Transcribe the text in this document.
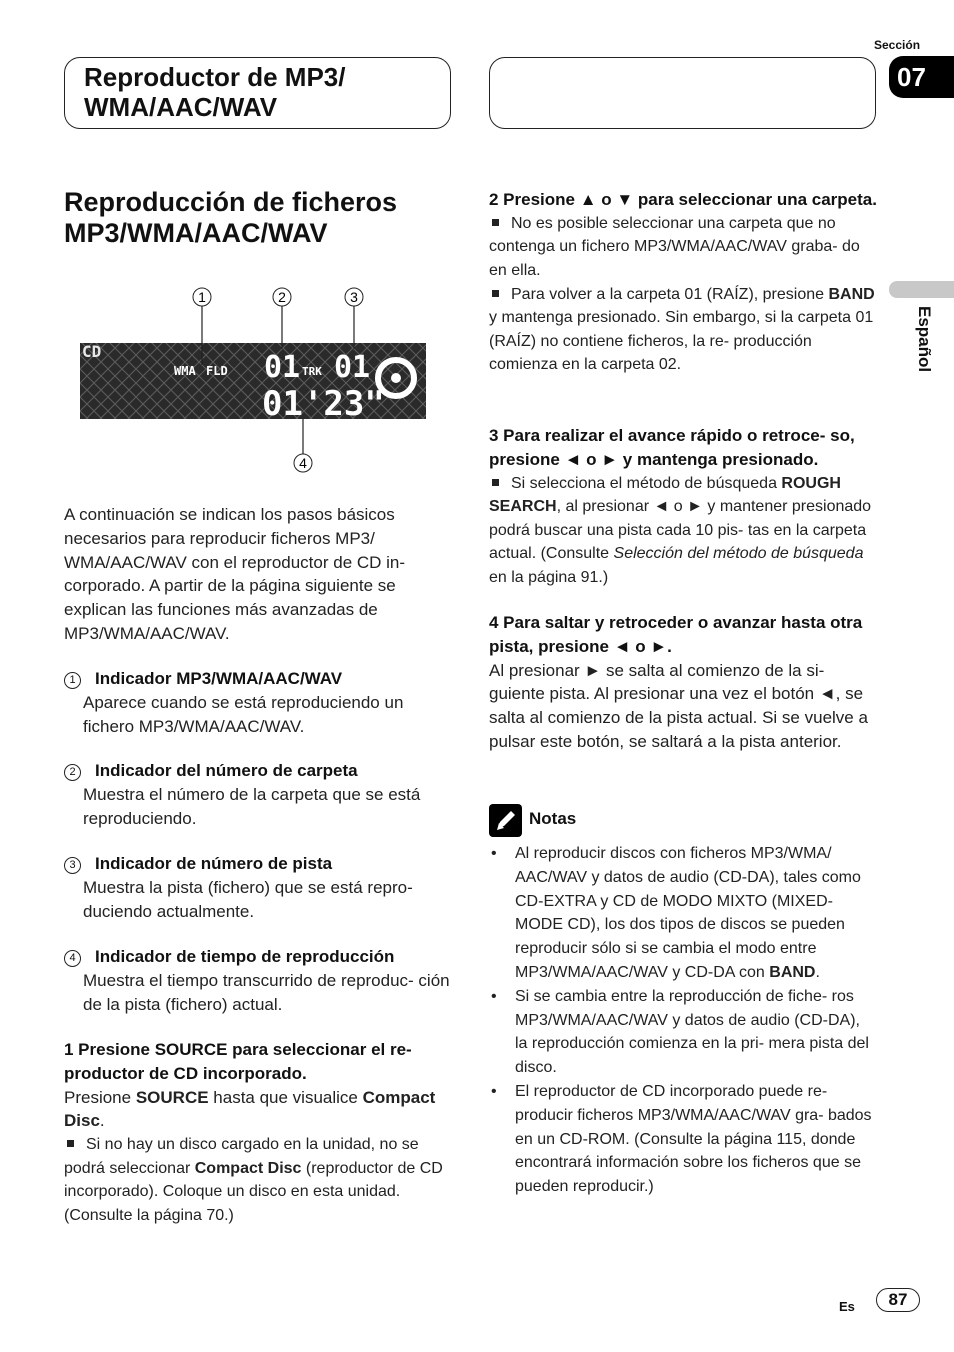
Reproductor de MP3/ WMA/AAC/WAV
Sección
07
Español
Reproducción de ficheros MP3/WMA/AAC/WAV
1	2	3
4
CD
WMA FLD 01 TRK 01
01'23"

A continuación se indican los pasos básicos necesarios para reproducir ficheros MP3/ WMA/AAC/WAV con el reproductor de CD in- corporado. A partir de la página siguiente se explican las funciones más avanzadas de MP3/WMA/AAC/WAV.

1 Indicador MP3/WMA/AAC/WAV

Aparece cuando se está reproduciendo un fichero MP3/WMA/AAC/WAV.

2 Indicador del número de carpeta

Muestra el número de la carpeta que se está reproduciendo.

3 Indicador de número de pista

Muestra la pista (fichero) que se está repro- duciendo actualmente.

4 Indicador de tiempo de reproducción

Muestra el tiempo transcurrido de reproduc- ción de la pista (fichero) actual.

1 Presione SOURCE para seleccionar el re- productor de CD incorporado.

Presione SOURCE hasta que visualice Compact Disc.

Si no hay un disco cargado en la unidad, no se podrá seleccionar Compact Disc (reproductor de CD incorporado). Coloque un disco en esta unidad. (Consulte la página 70.)

2 Presione ▲ o ▼ para seleccionar una carpeta.

No es posible seleccionar una carpeta que no contenga un fichero MP3/WMA/AAC/WAV graba- do en ella.

Para volver a la carpeta 01 (RAÍZ), presione BAND y mantenga presionado. Sin embargo, si la carpeta 01 (RAÍZ) no contiene ficheros, la re- producción comienza en la carpeta 02.

3 Para realizar el avance rápido o retroce- so, presione ◄ o ► y mantenga presionado.

Si selecciona el método de búsqueda ROUGH SEARCH, al presionar ◄ o ► y mantener presionado podrá buscar una pista cada 10 pis- tas en la carpeta actual. (Consulte Selección del método de búsqueda en la página 91.)

4 Para saltar y retroceder o avanzar hasta otra pista, presione ◄ o ►.

Al presionar ► se salta al comienzo de la si- guiente pista. Al presionar una vez el botón ◄, se salta al comienzo de la pista actual. Si se vuelve a pulsar este botón, se saltará a la pista anterior.

Notas
• Al reproducir discos con ficheros MP3/WMA/ AAC/WAV y datos de audio (CD-DA), tales como CD-EXTRA y CD de MODO MIXTO (MIXED-MODE CD), los dos tipos de discos se pueden reproducir sólo si se cambia el modo entre MP3/WMA/AAC/WAV y CD-DA con BAND.
• Si se cambia entre la reproducción de fiche- ros MP3/WMA/AAC/WAV y datos de audio (CD-DA), la reproducción comienza en la pri- mera pista del disco.
• El reproductor de CD incorporado puede re- producir ficheros MP3/WMA/AAC/WAV gra- bados en un CD-ROM. (Consulte la página 115, donde encontrará información sobre los ficheros que se pueden reproducir.)
Es	87
